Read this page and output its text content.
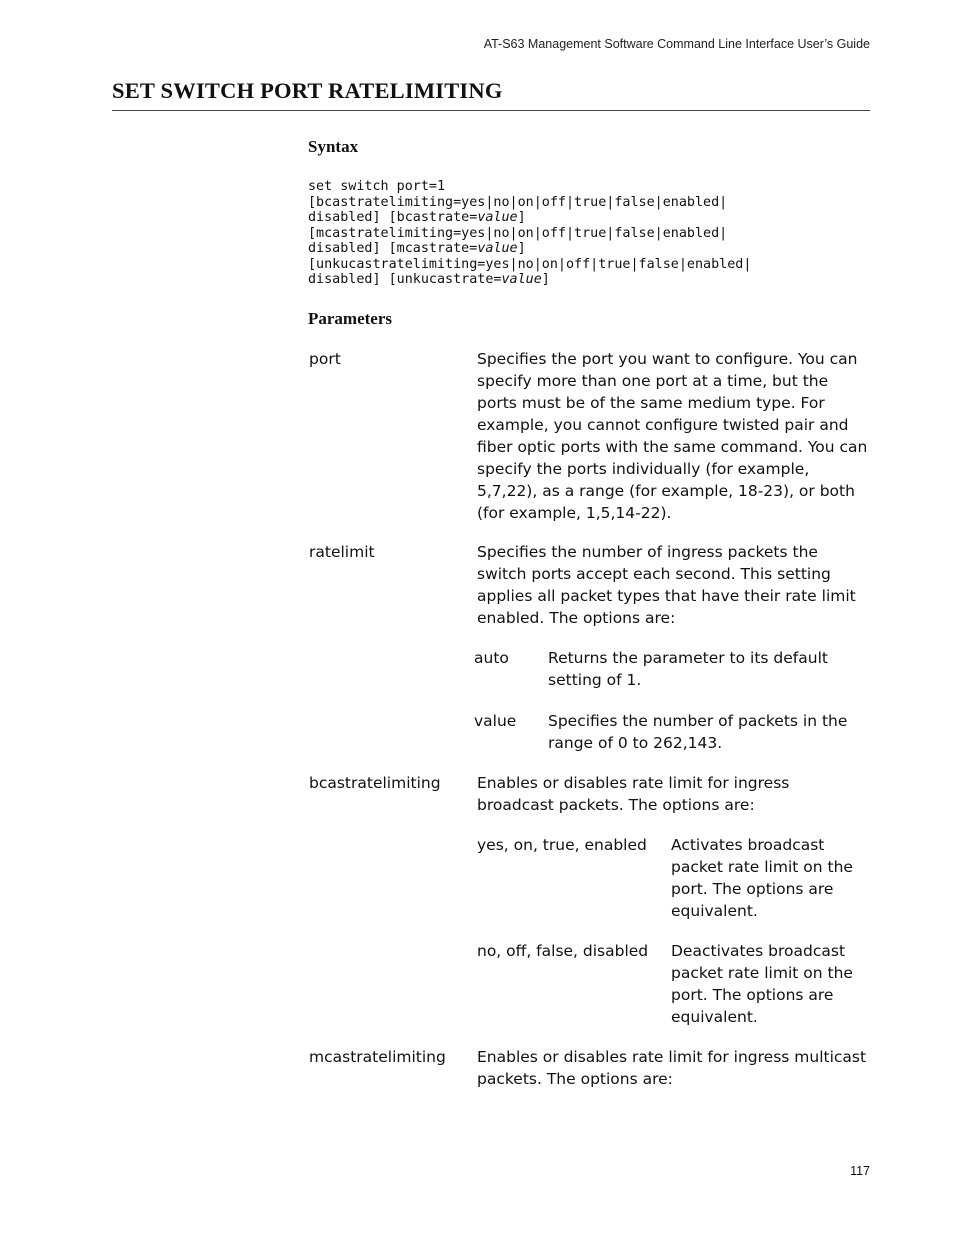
AT-S63 Management Software Command Line Interface User’s Guide
SET SWITCH PORT RATELIMITING
Syntax
set switch port=1
[bcastratelimiting=yes|no|on|off|true|false|enabled|
disabled] [bcastrate=value]
[mcastratelimiting=yes|no|on|off|true|false|enabled|
disabled] [mcastrate=value]
[unkucastratelimiting=yes|no|on|off|true|false|enabled|
disabled] [unkucastrate=value]
Parameters
port	Specifies the port you want to configure. You can specify more than one port at a time, but the ports must be of the same medium type. For example, you cannot configure twisted pair and fiber optic ports with the same command. You can specify the ports individually (for example, 5,7,22), as a range (for example, 18-23), or both (for example, 1,5,14-22).
ratelimit	Specifies the number of ingress packets the switch ports accept each second. This setting applies all packet types that have their rate limit enabled. The options are:
auto	Returns the parameter to its default setting of 1.
value Specifies the number of packets in the range of 0 to 262,143.
bcastratelimiting Enables or disables rate limit for ingress broadcast packets. The options are:
yes, on, true, enabled Activates broadcast packet rate limit on the port. The options are equivalent.
no, off, false, disabled Deactivates broadcast packet rate limit on the port. The options are equivalent.
mcastratelimiting Enables or disables rate limit for ingress multicast packets. The options are:
117
